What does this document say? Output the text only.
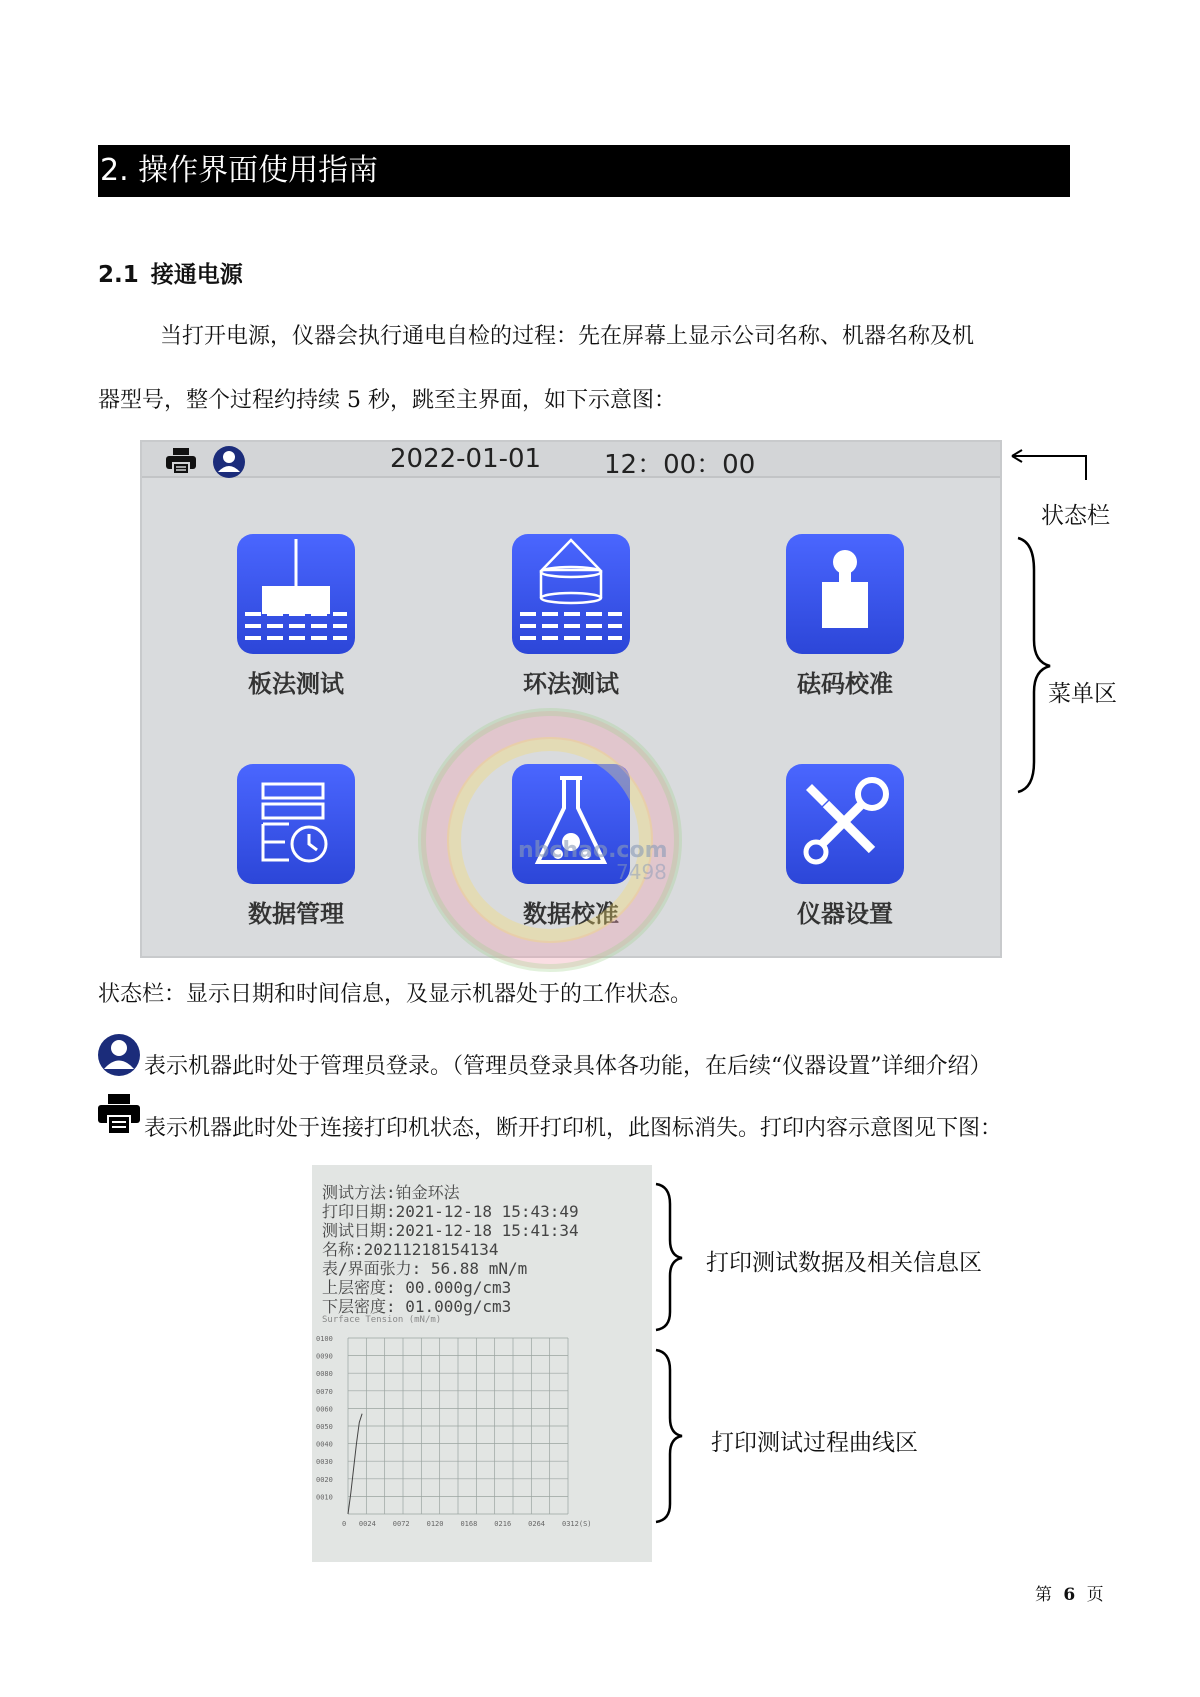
2. 操作界面使用指南
2.1 接通电源
当打开电源，仪器会执行通电自检的过程：先在屏幕上显示公司名称、机器名称及机
器型号，整个过程约持续 5 秒，跳至主界面，如下示意图：
2022-01-01 12：00：00
板法测试	环法测试	砝码校准
数据管理	数据校准	仪器设置
nbchao.com
7498
状态栏
菜单区
状态栏：显示日期和时间信息，及显示机器处于的工作状态。
表示机器此时处于管理员登录。（管理员登录具体各功能，在后续“仪器设置”详细介绍）
表示机器此时处于连接打印机状态，断开打印机，此图标消失。打印内容示意图见下图：
测试方法:铂金环法
打印日期:2021-12-18 15:43:49
测试日期:2021-12-18 15:41:34
名称:20211218154134
表/界面张力: 56.88 mN/m
上层密度: 00.000g/cm3
下层密度: 01.000g/cm3
Surface Tension (mN/m)
0100
0090
0080
0070
0060
0050
0040
0030
0020
0010
0 0024 0072 0120 0168 0216 0264 0312(S)
打印测试数据及相关信息区
打印测试过程曲线区
第 6 页
